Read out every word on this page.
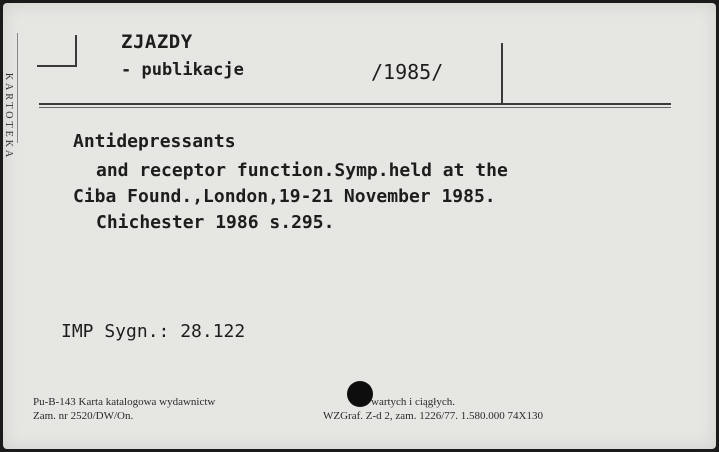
KARTOTEKA
ZJAZDY
- publikacje	/1985/
Antidepressants
and receptor function.Symp.held at the
Ciba Found.,London,19-21 November 1985.
Chichester 1986 s.295.
IMP Sygn.: 28.122
Pu-B-143 Karta katalogowa wydawnictw	wartych i ciągłych.
Zam. nr 2520/DW/On.	WZGraf. Z-d 2, zam. 1226/77. 1.580.000 74X130
